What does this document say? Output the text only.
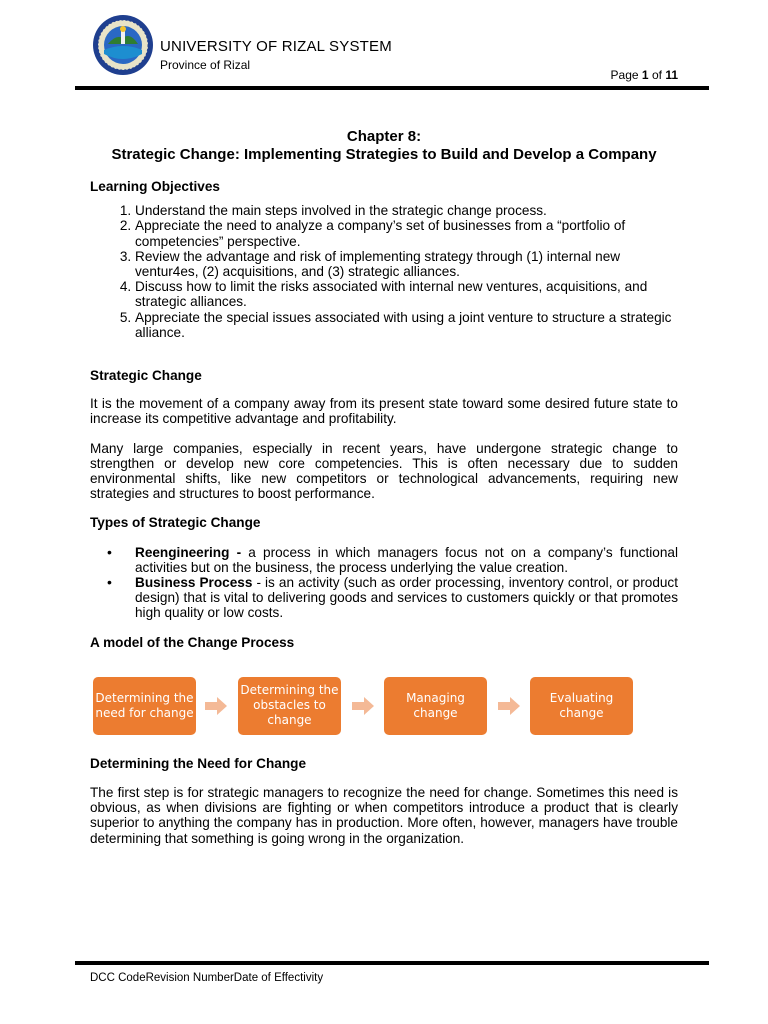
UNIVERSITY OF RIZAL SYSTEM
Province of Rizal
Page 1 of 11
Chapter 8:
Strategic Change: Implementing Strategies to Build and Develop a Company
Learning Objectives
1. Understand the main steps involved in the strategic change process.
2. Appreciate the need to analyze a company’s set of businesses from a “portfolio of competencies” perspective.
3. Review the advantage and risk of implementing strategy through (1) internal new ventur4es, (2) acquisitions, and (3) strategic alliances.
4. Discuss how to limit the risks associated with internal new ventures, acquisitions, and strategic alliances.
5. Appreciate the special issues associated with using a joint venture to structure a strategic alliance.
Strategic Change

It is the movement of a company away from its present state toward some desired future state to increase its competitive advantage and profitability.

Many large companies, especially in recent years, have undergone strategic change to strengthen or develop new core competencies. This is often necessary due to sudden environmental shifts, like new competitors or technological advancements, requiring new strategies and structures to boost performance.

Types of Strategic Change
• Reengineering - a process in which managers focus not on a company’s functional activities but on the business, the process underlying the value creation.
• Business Process - is an activity (such as order processing, inventory control, or product design) that is vital to delivering goods and services to customers quickly or that promotes high quality or low costs.
A model of the Change Process
Determining the need for change
Determining the obstacles to change
Managing change
Evaluating change
Determining the Need for Change

The first step is for strategic managers to recognize the need for change. Sometimes this need is obvious, as when divisions are fighting or when competitors introduce a product that is clearly superior to anything the company has in production. More often, however, managers have trouble determining that something is going wrong in the organization.

DCC CodeRevision NumberDate of Effectivity
